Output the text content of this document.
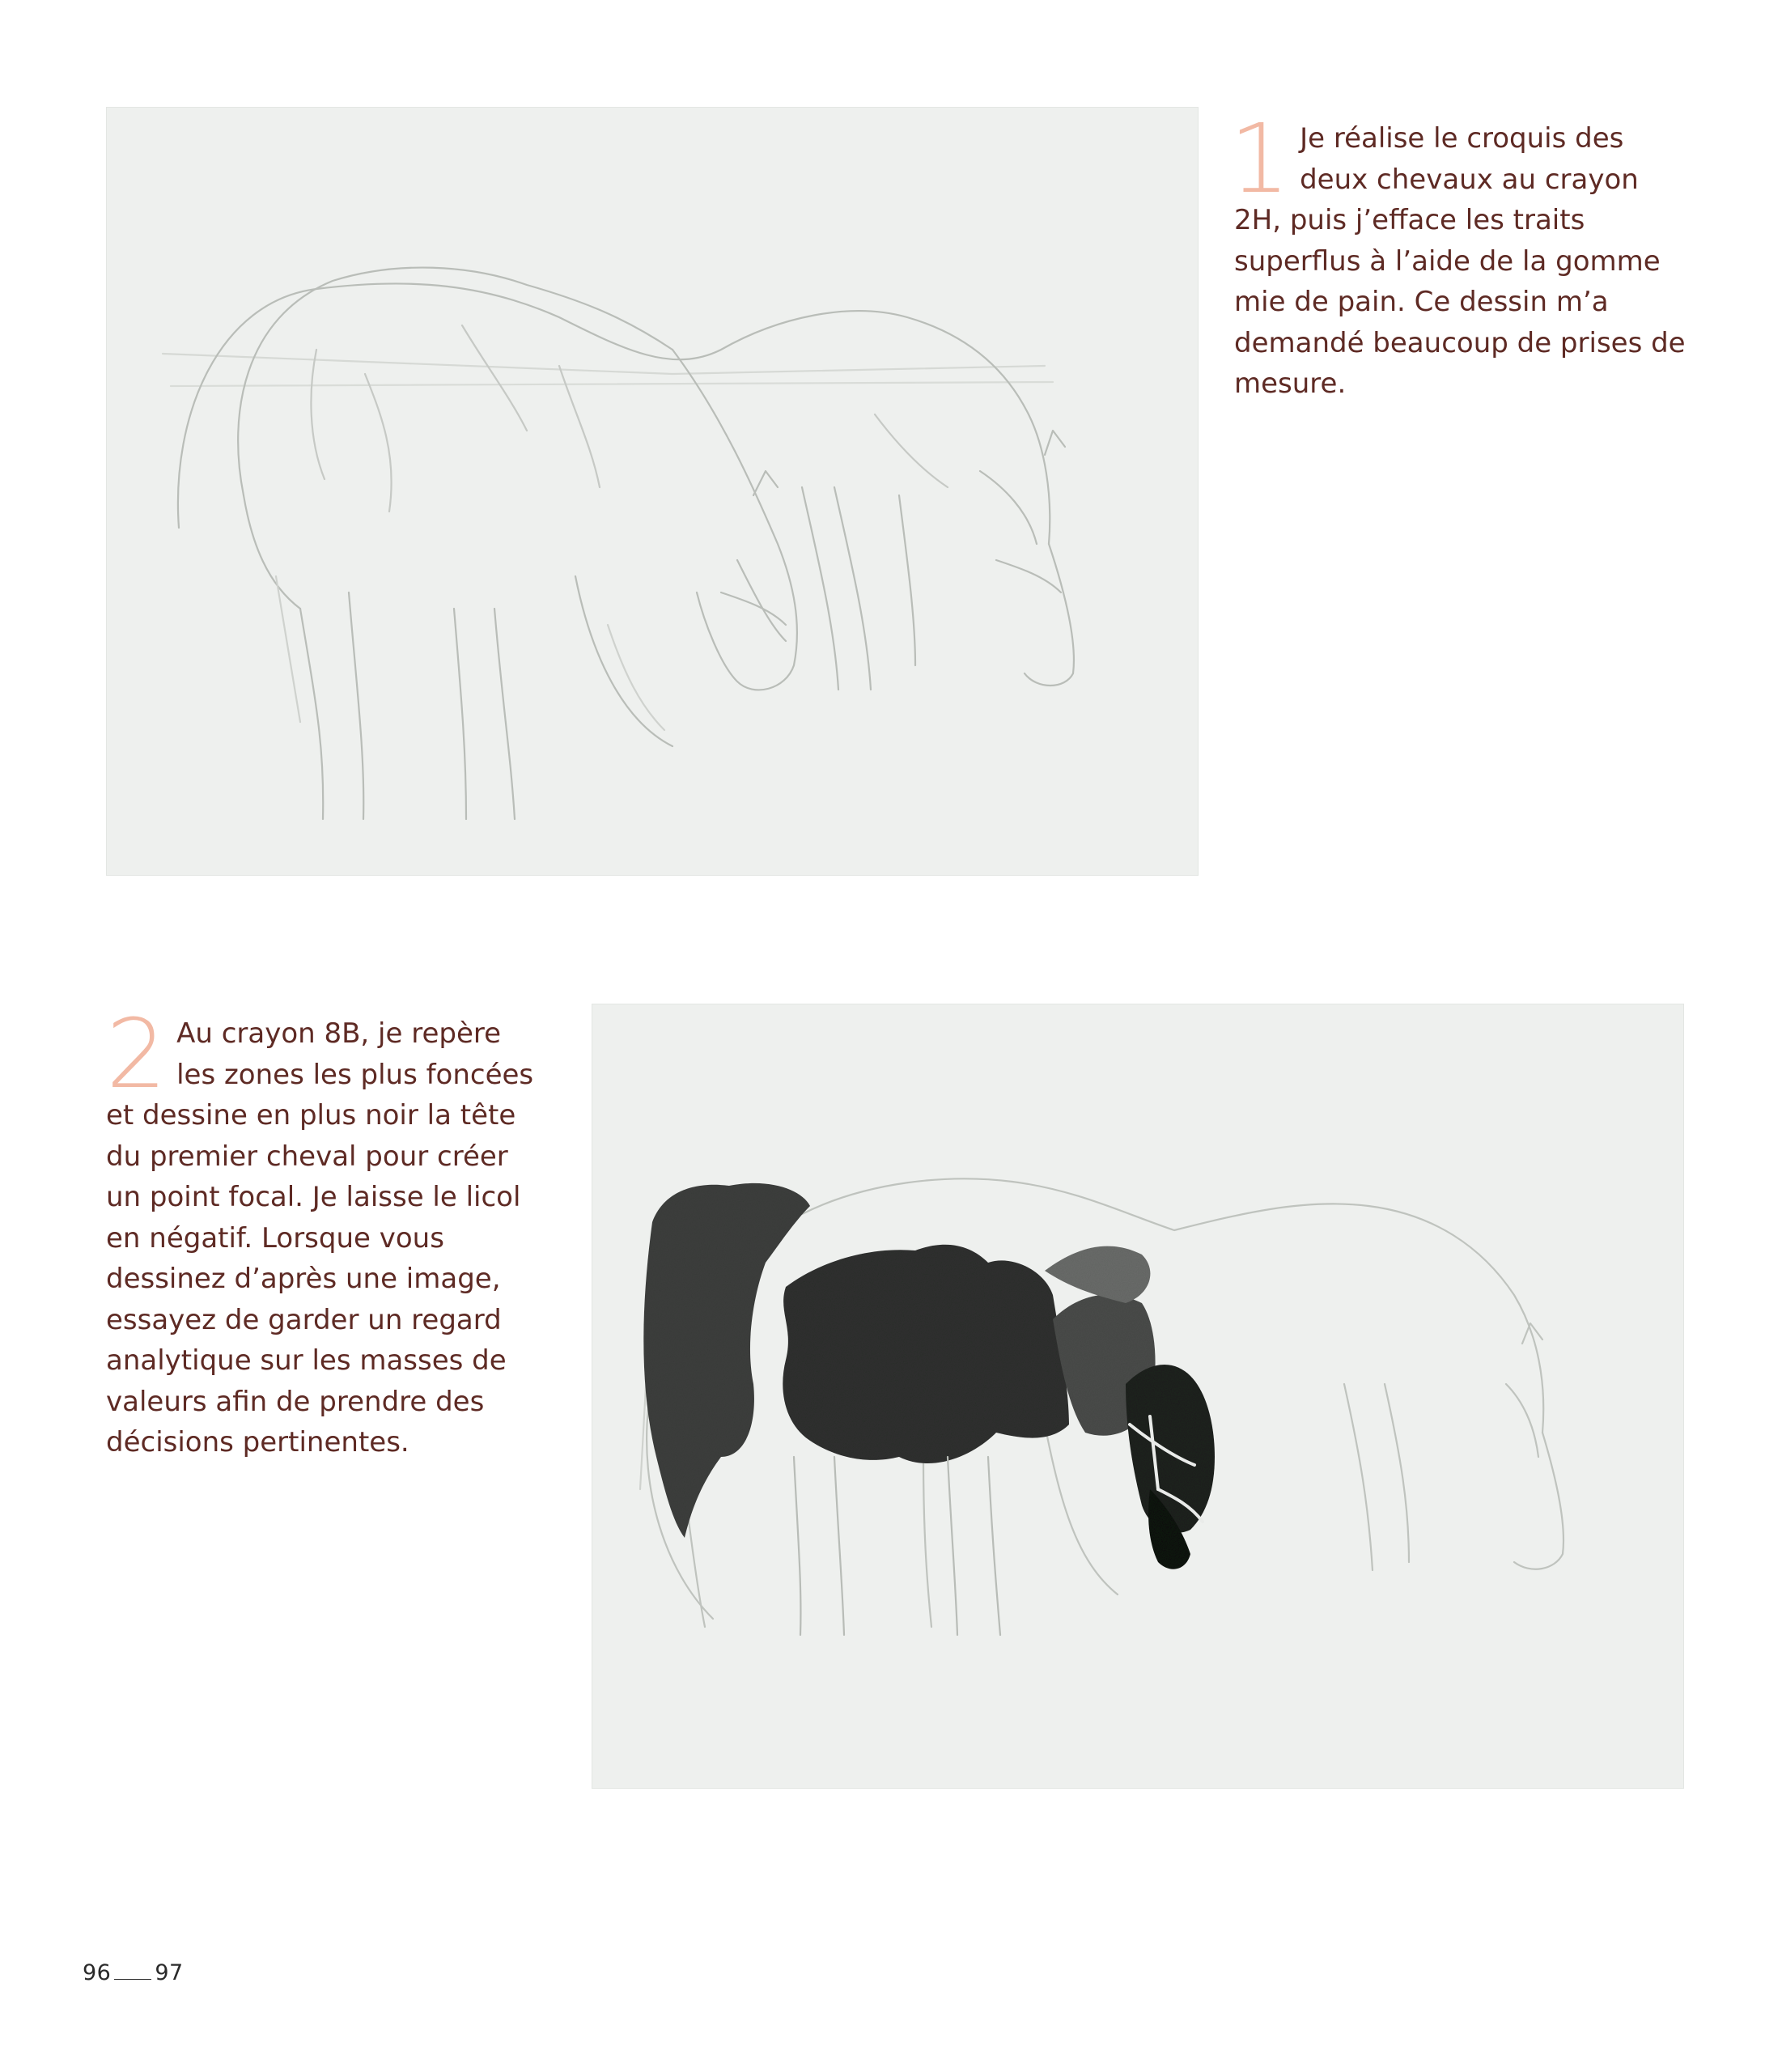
1 Je réalise le croquis des deux chevaux au crayon 2H, puis j’efface les traits superflus à l’aide de la gomme mie de pain. Ce dessin m’a demandé beaucoup de prises de mesure.
2 Au crayon 8B, je repère les zones les plus foncées et dessine en plus noir la tête du premier cheval pour créer un point focal. Je laisse le licol en négatif. Lorsque vous dessinez d’après une image, essayez de garder un regard analytique sur les masses de valeurs afin de prendre des décisions pertinentes.
96 97
